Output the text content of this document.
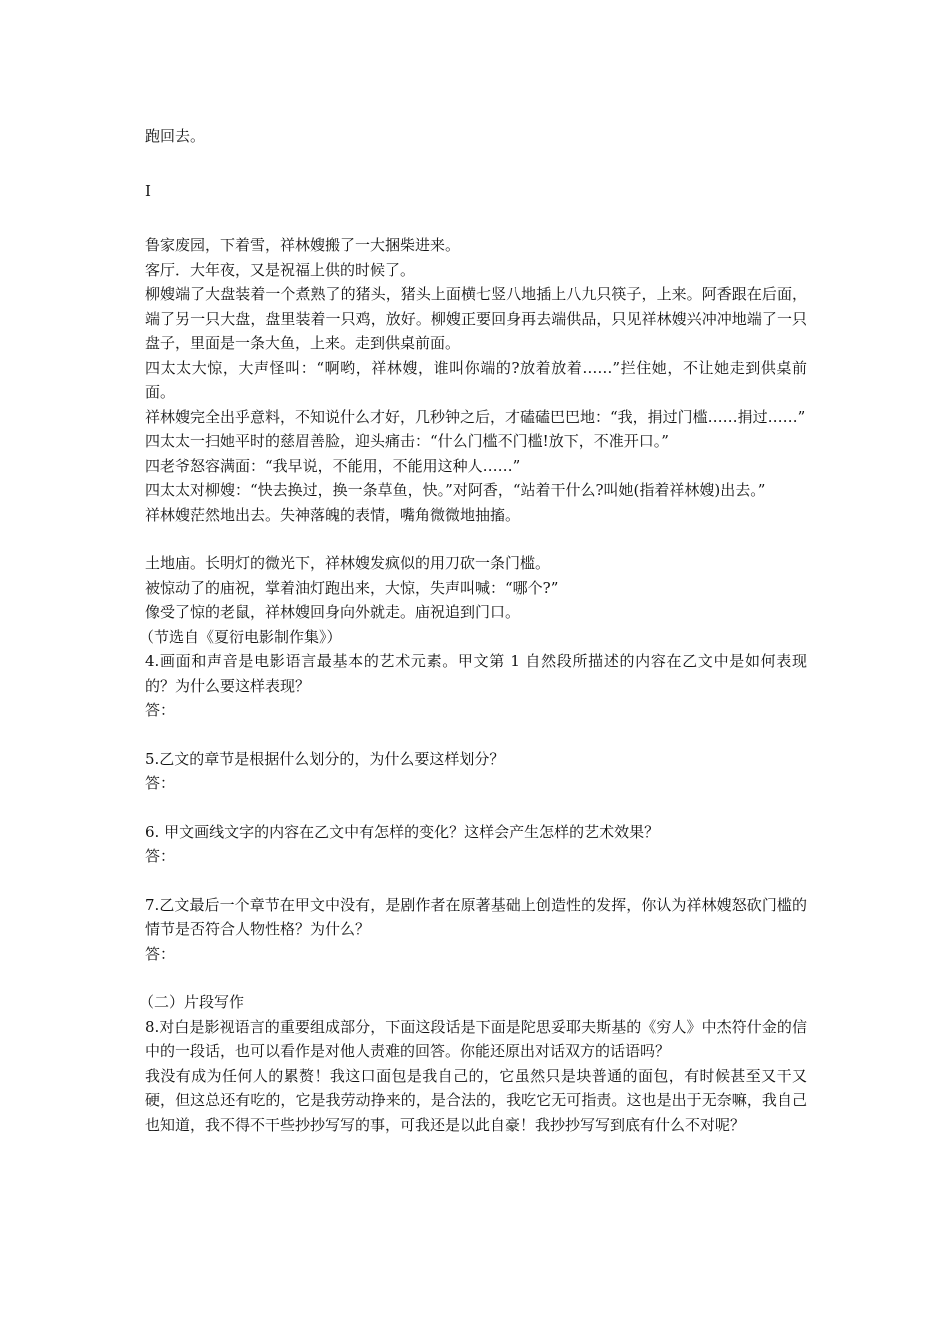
跑回去。

I

鲁家废园，下着雪，祥林嫂搬了一大捆柴进来。

客厅．大年夜，又是祝福上供的时候了。

柳嫂端了大盘装着一个煮熟了的猪头，猪头上面横七竖八地插上八九只筷子，上来。阿香跟在后面，端了另一只大盘，盘里装着一只鸡，放好。柳嫂正要回身再去端供品，只见祥林嫂兴冲冲地端了一只盘子，里面是一条大鱼，上来。走到供桌前面。

四太太大惊，大声怪叫：“啊哟，祥林嫂，谁叫你端的?放着放着……”拦住她，不让她走到供桌前面。

祥林嫂完全出乎意料，不知说什么才好，几秒钟之后，才磕磕巴巴地：“我，捐过门槛……捐过……”

四太太一扫她平时的慈眉善脸，迎头痛击：“什么门槛不门槛!放下，不准开口。”

四老爷怒容满面：“我早说，不能用，不能用这种人……”

四太太对柳嫂：“快去换过，换一条草鱼，快。”对阿香，“站着干什么?叫她(指着祥林嫂)出去。”

祥林嫂茫然地出去。失神落魄的表情，嘴角微微地抽搐。

土地庙。长明灯的微光下，祥林嫂发疯似的用刀砍一条门槛。

被惊动了的庙祝，掌着油灯跑出来，大惊，失声叫喊：“哪个?”

像受了惊的老鼠，祥林嫂回身向外就走。庙祝追到门口。

（节选自《夏衍电影制作集》）

4.画面和声音是电影语言最基本的艺术元素。甲文第 1 自然段所描述的内容在乙文中是如何表现的？为什么要这样表现？

答：

5.乙文的章节是根据什么划分的，为什么要这样划分？

答：

6. 甲文画线文字的内容在乙文中有怎样的变化？这样会产生怎样的艺术效果？

答：

7.乙文最后一个章节在甲文中没有，是剧作者在原著基础上创造性的发挥，你认为祥林嫂怒砍门槛的情节是否符合人物性格？为什么？

答：

（二）片段写作

8.对白是影视语言的重要组成部分，下面这段话是下面是陀思妥耶夫斯基的《穷人》中杰符什金的信中的一段话，也可以看作是对他人责难的回答。你能还原出对话双方的话语吗？

我没有成为任何人的累赘！我这口面包是我自己的，它虽然只是块普通的面包，有时候甚至又干又硬，但这总还有吃的，它是我劳动挣来的，是合法的，我吃它无可指责。这也是出于无奈嘛，我自己也知道，我不得不干些抄抄写写的事，可我还是以此自豪！我抄抄写写到底有什么不对呢？
